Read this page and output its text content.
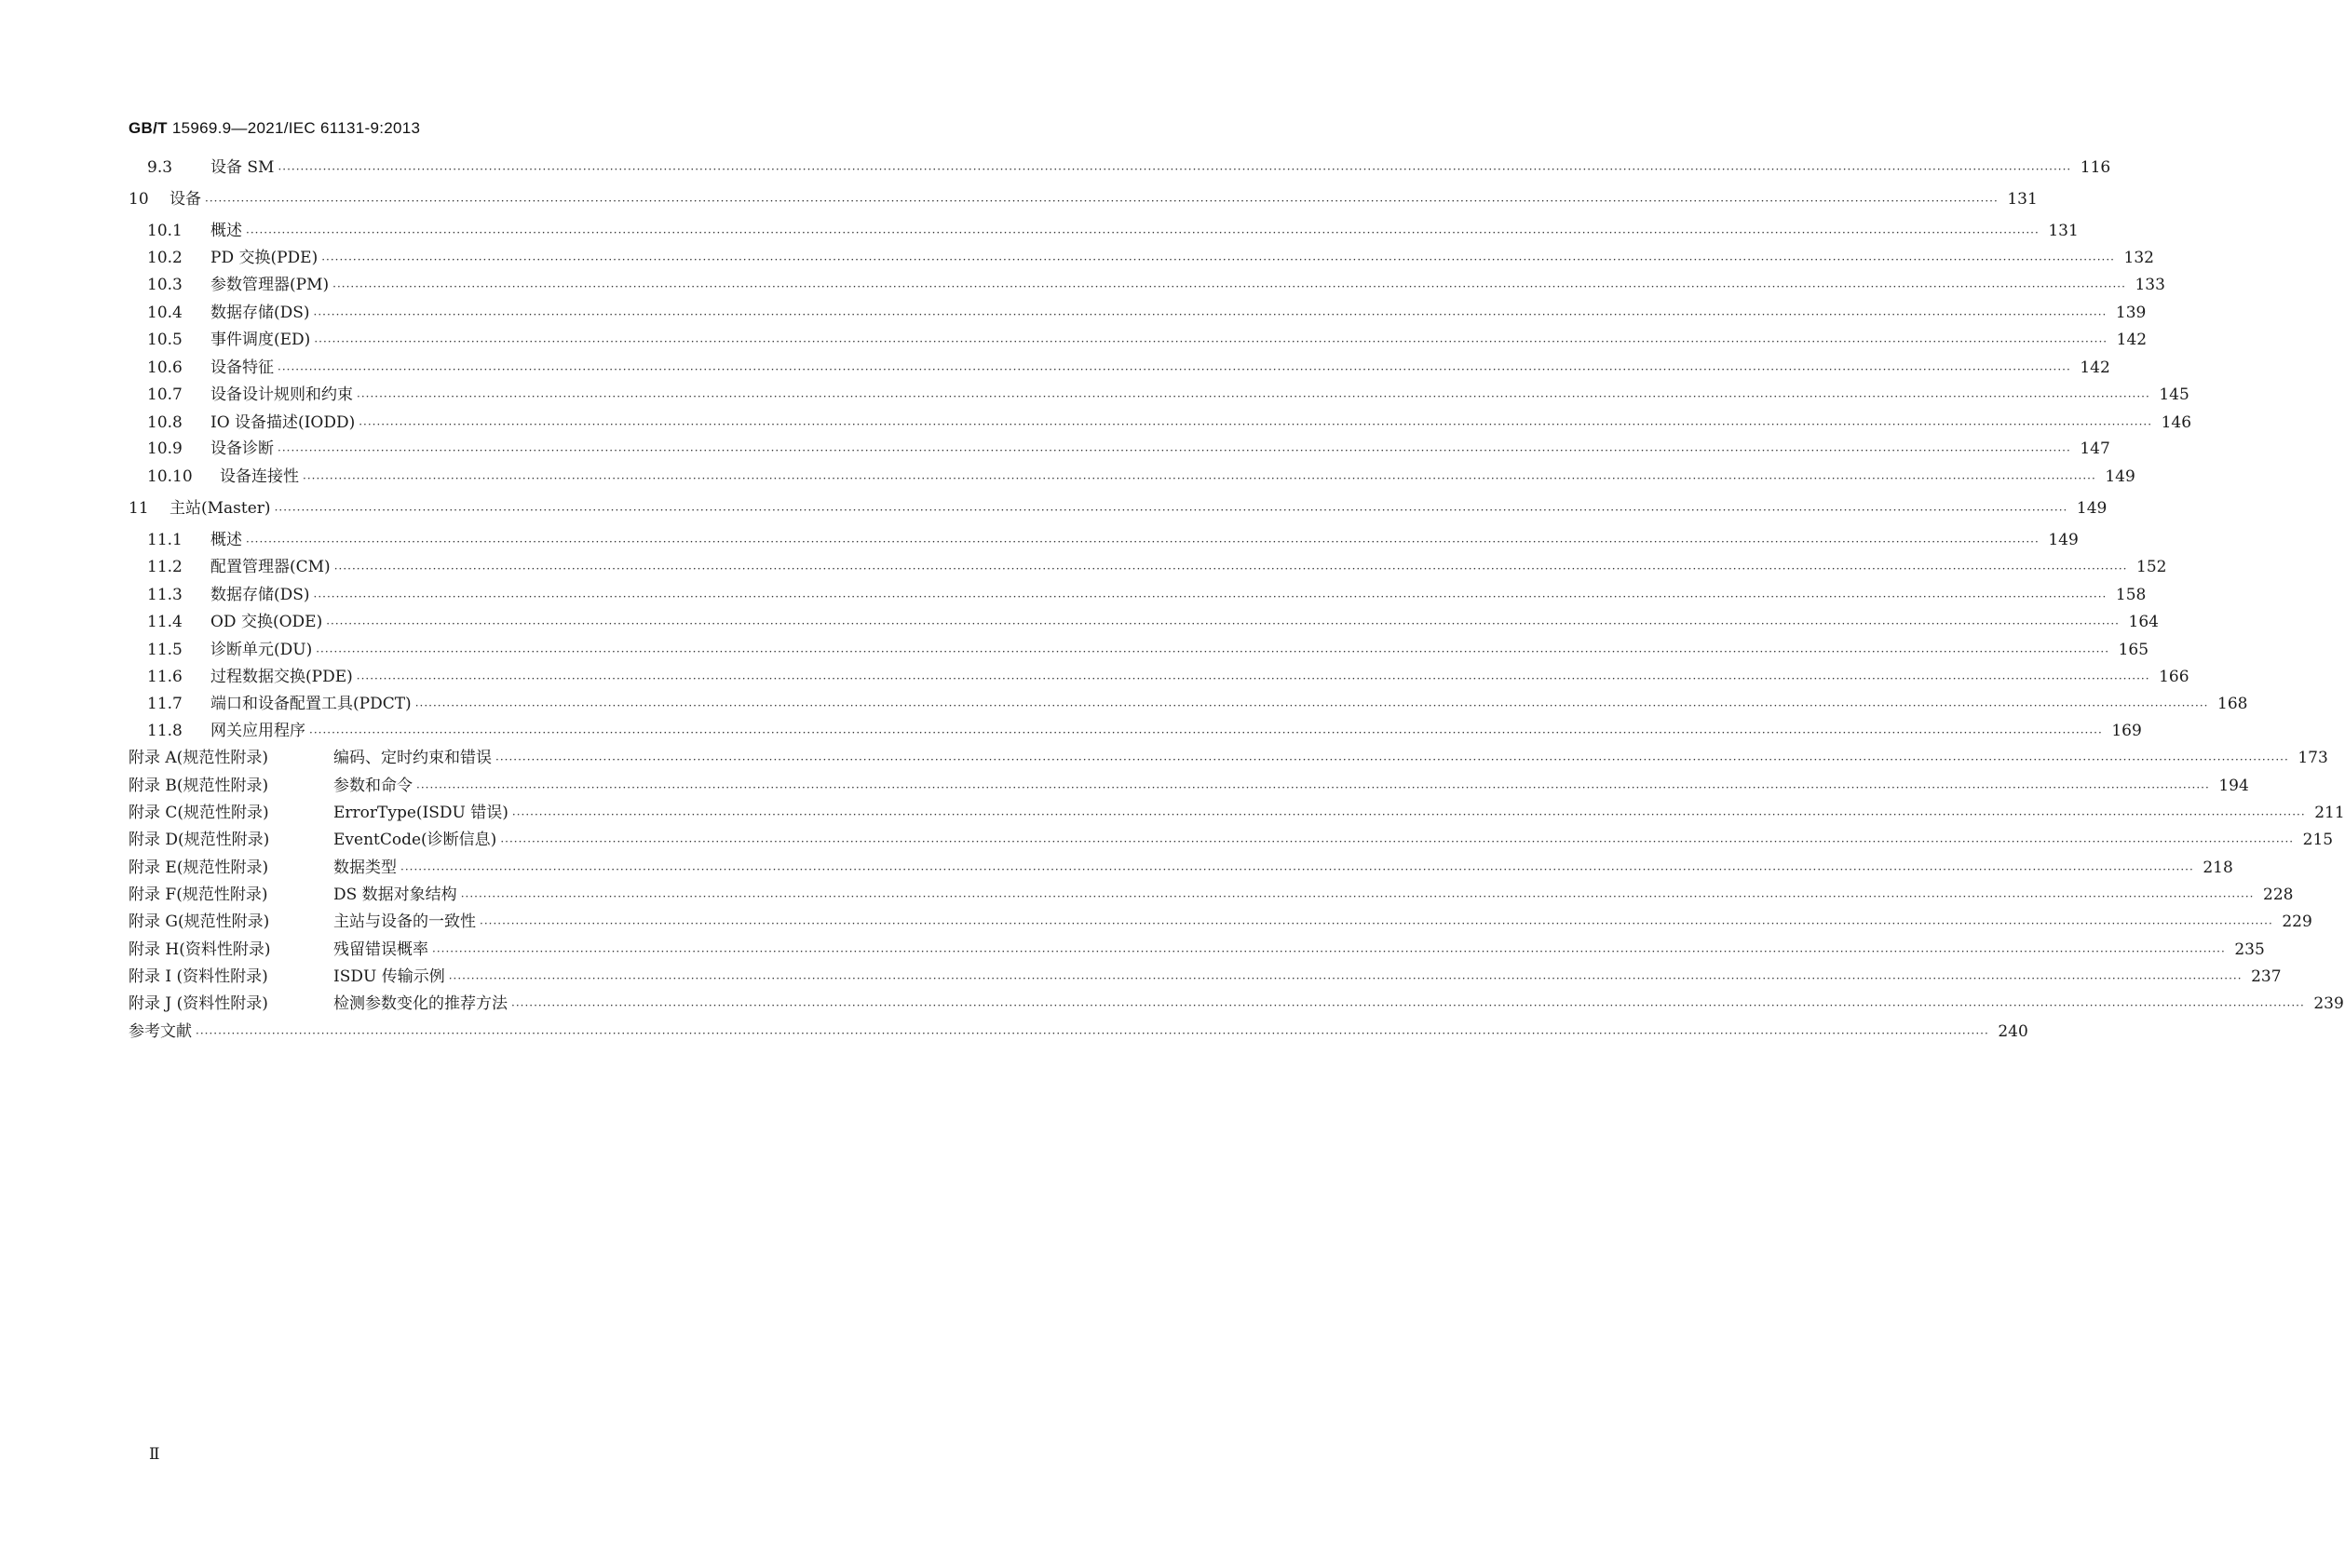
GB/T 15969.9—2021/IEC 61131-9:2013
9.3	设备 SM ················································································································································································································································································································································································································ 116
10	设备 ················································································································································································································································································································································································································ 131
10.1	概述 ················································································································································································································································································································································································································ 131
10.2	PD 交换(PDE) ················································································································································································································································································································································································································ 132
10.3	参数管理器(PM) ················································································································································································································································································································································································································ 133
10.4	数据存储(DS) ················································································································································································································································································································································································································ 139
10.5	事件调度(ED) ················································································································································································································································································································································································································ 142
10.6	设备特征 ················································································································································································································································································································································································································ 142
10.7	设备设计规则和约束 ················································································································································································································································································································································································································ 145
10.8	IO 设备描述(IODD) ················································································································································································································································································································································································································ 146
10.9	设备诊断 ················································································································································································································································································································································································································ 147
10.10	设备连接性 ················································································································································································································································································································································································································ 149
11	主站(Master) ················································································································································································································································································································································································································ 149
11.1	概述 ················································································································································································································································································································································································································ 149
11.2	配置管理器(CM) ················································································································································································································································································································································································································ 152
11.3	数据存储(DS) ················································································································································································································································································································································································································ 158
11.4	OD 交换(ODE) ················································································································································································································································································································································································································ 164
11.5	诊断单元(DU) ················································································································································································································································································································································································································ 165
11.6	过程数据交换(PDE) ················································································································································································································································································································································································································ 166
11.7	端口和设备配置工具(PDCT) ················································································································································································································································································································································································································ 168
11.8	网关应用程序 ················································································································································································································································································································································································································ 169
附录 A(规范性附录)	编码、定时约束和错误 ················································································································································································································································································································································································································ 173
附录 B(规范性附录)	参数和命令 ················································································································································································································································································································································································································ 194
附录 C(规范性附录)	ErrorType(ISDU 错误) ················································································································································································································································································································································································································ 211
附录 D(规范性附录)	EventCode(诊断信息) ················································································································································································································································································································································································································ 215
附录 E(规范性附录)	数据类型 ················································································································································································································································································································································································································ 218
附录 F(规范性附录)	DS 数据对象结构 ················································································································································································································································································································································································································ 228
附录 G(规范性附录)	主站与设备的一致性 ················································································································································································································································································································································································································ 229
附录 H(资料性附录)	残留错误概率 ················································································································································································································································································································································································································ 235
附录 I (资料性附录)	ISDU 传输示例 ················································································································································································································································································································································································································ 237
附录 J (资料性附录)	检测参数变化的推荐方法 ················································································································································································································································································································································································································ 239
参考文献 ················································································································································································································································································································································································································ 240
Ⅱ
